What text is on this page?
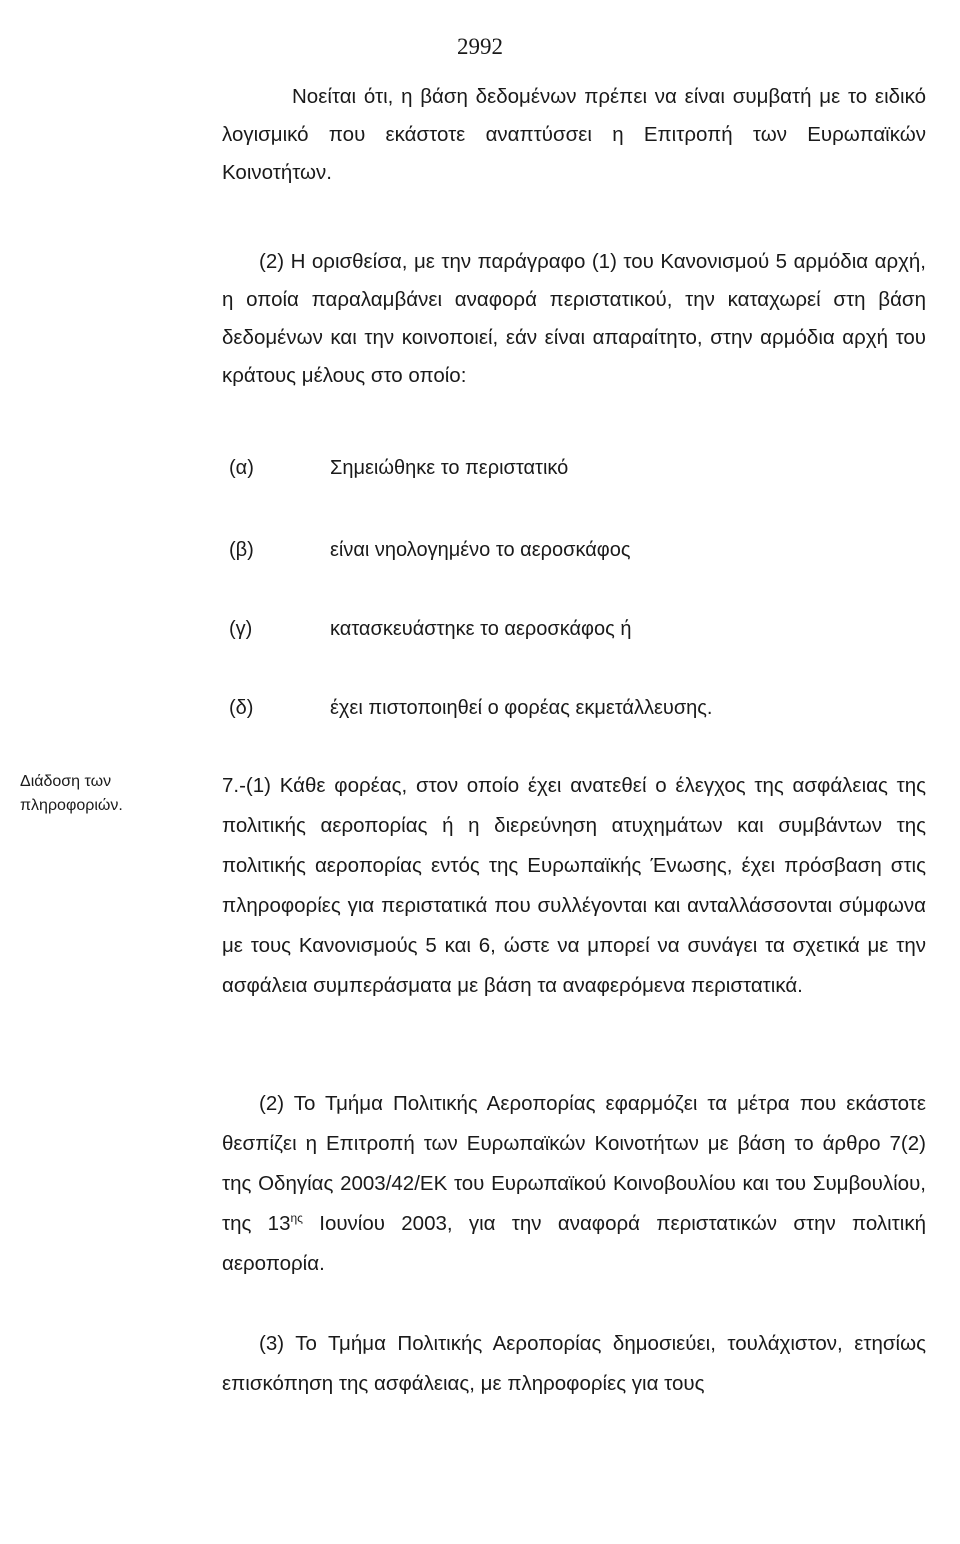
2992

Νοείται ότι, η βάση δεδομένων πρέπει να είναι συμβατή με το ειδικό λογισμικό που εκάστοτε αναπτύσσει η Επιτροπή των Ευρωπαϊκών Κοινοτήτων.

(2) Η ορισθείσα, με την παράγραφο (1) του Κανονισμού 5 αρμόδια αρχή, η οποία παραλαμβάνει αναφορά περιστατικού, την καταχωρεί στη βάση δεδομένων και την κοινοποιεί, εάν είναι απαραίτητο, στην αρμόδια αρχή του κράτους μέλους στο οποίο:

(α)	Σημειώθηκε το περιστατικό
(β)	είναι νηολογημένο το αεροσκάφος
(γ)	κατασκευάστηκε το αεροσκάφος ή
(δ)	έχει πιστοποιηθεί ο φορέας εκμετάλλευσης.
Διάδοση των
πληροφοριών.

7.-(1) Κάθε φορέας, στον οποίο έχει ανατεθεί ο έλεγχος της ασφάλειας της πολιτικής αεροπορίας ή η διερεύνηση ατυχημάτων και συμβάντων της πολιτικής αεροπορίας εντός της Ευρωπαϊκής Ένωσης, έχει πρόσβαση στις πληροφορίες για περιστατικά που συλλέγονται και ανταλλάσσονται σύμφωνα με τους Κανονισμούς 5 και 6, ώστε να μπορεί να συνάγει τα σχετικά με την ασφάλεια συμπεράσματα με βάση τα αναφερόμενα περιστατικά.

(2) Το Τμήμα Πολιτικής Αεροπορίας εφαρμόζει τα μέτρα που εκάστοτε θεσπίζει η Επιτροπή των Ευρωπαϊκών Κοινοτήτων με βάση το άρθρο 7(2) της Οδηγίας 2003/42/ΕΚ του Ευρωπαϊκού Κοινοβουλίου και του Συμβουλίου, της $13^{\eta\varsigma}$ Ιουνίου 2003, για την αναφορά περιστατικών στην πολιτική αεροπορία.

(3) Το Τμήμα Πολιτικής Αεροπορίας δημοσιεύει, τουλάχιστον, ετησίως επισκόπηση της ασφάλειας, με πληροφορίες για τους
